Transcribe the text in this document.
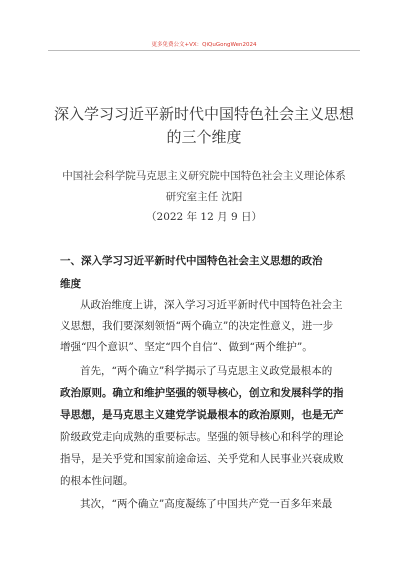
更多免费公文+VX：QiQuGongWen2024
深入学习习近平新时代中国特色社会主义思想
的三个维度
中国社会科学院马克思主义研究院中国特色社会主义理论体系
研究室主任 沈阳
（2022 年 12 月 9 日）
一、深入学习习近平新时代中国特色社会主义思想的政治
维度
从政治维度上讲，深入学习习近平新时代中国特色社会主
义思想，我们要深刻领悟“两个确立”的决定性意义，进一步
增强“四个意识”、坚定“四个自信”、做到“两个维护”。
首先，“两个确立”科学揭示了马克思主义政党最根本的
政治原则。确立和维护坚强的领导核心，创立和发展科学的指
导思想，是马克思主义建党学说最根本的政治原则，也是无产
阶级政党走向成熟的重要标志。坚强的领导核心和科学的理论
指导，是关乎党和国家前途命运、关乎党和人民事业兴衰成败
的根本性问题。
其次，“两个确立”高度凝练了中国共产党一百多年来最
